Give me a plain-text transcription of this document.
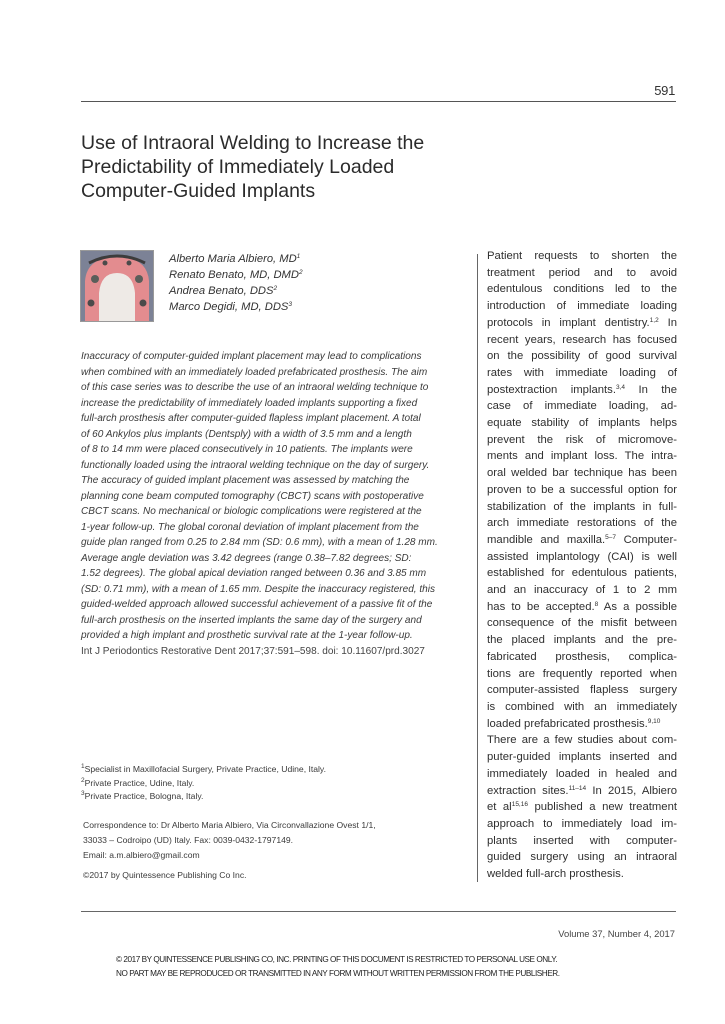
591
Use of Intraoral Welding to Increase the
Predictability of Immediately Loaded
Computer-Guided Implants
Alberto Maria Albiero, $MD^1$
Renato Benato, MD, DMD$^2$
Andrea Benato, DDS$^2$
Marco Degidi, MD, DDS$^3$
Inaccuracy of computer-guided implant placement may lead to complications
when combined with an immediately loaded prefabricated prosthesis. The aim
of this case series was to describe the use of an intraoral welding technique to
increase the predictability of immediately loaded implants supporting a fixed
full-arch prosthesis after computer-guided flapless implant placement. A total
of 60 Ankylos plus implants (Dentsply) with a width of 3.5 mm and a length
of 8 to 14 mm were placed consecutively in 10 patients. The implants were
functionally loaded using the intraoral welding technique on the day of surgery.
The accuracy of guided implant placement was assessed by matching the
planning cone beam computed tomography (CBCT) scans with postoperative
CBCT scans. No mechanical or biologic complications were registered at the
1-year follow-up. The global coronal deviation of implant placement from the
guide plan ranged from 0.25 to 2.84 mm (SD: 0.6 mm), with a mean of 1.28 mm.
Average angle deviation was 3.42 degrees (range 0.38–7.82 degrees; SD:
1.52 degrees). The global apical deviation ranged between 0.36 and 3.85 mm
(SD: 0.71 mm), with a mean of 1.65 mm. Despite the inaccuracy registered, this
guided-welded approach allowed successful achievement of a passive fit of the
full-arch prosthesis on the inserted implants the same day of the surgery and
provided a high implant and prosthetic survival rate at the 1-year follow-up.
Int J Periodontics Restorative Dent 2017;37:591–598. doi: 10.11607/prd.3027
$^1$Specialist in Maxillofacial Surgery, Private Practice, Udine, Italy.
$^2$Private Practice, Udine, Italy.
$^3$Private Practice, Bologna, Italy.
Correspondence to: Dr Alberto Maria Albiero, Via Circonvallazione Ovest 1/1,
33033 – Codroipo (UD) Italy. Fax: 0039-0432-1797149.
Email: a.m.albiero@gmail.com
©2017 by Quintessence Publishing Co Inc.
Patient requests to shorten the
treatment period and to avoid
edentulous conditions led to the
introduction of immediate loading
protocols in implant dentistry.$^{1,2}$ In
recent years, research has focused
on the possibility of good survival
rates with immediate loading of
postextraction implants.$^{3,4}$ In the
case of immediate loading, ad-
equate stability of implants helps
prevent the risk of micromove-
ments and implant loss. The intra-
oral welded bar technique has been
proven to be a successful option for
stabilization of the implants in full-
arch immediate restorations of the
mandible and maxilla.$^{5-7}$ Computer-
assisted implantology (CAI) is well
established for edentulous patients,
and an inaccuracy of 1 to 2 mm
has to be accepted.$^8$ As a possible
consequence of the misfit between
the placed implants and the pre-
fabricated prosthesis, complica-
tions are frequently reported when
computer-assisted flapless surgery
is combined with an immediately
loaded prefabricated prosthesis.$^{9,10}$
There are a few studies about com-
puter-guided implants inserted and
immediately loaded in healed and
extraction sites.$^{11-14}$ In 2015, Albiero
et al$^{15,16}$ published a new treatment
approach to immediately load im-
plants inserted with computer-
guided surgery using an intraoral
welded full-arch prosthesis.
Volume 37, Number 4, 2017
© 2017 BY QUINTESSENCE PUBLISHING CO, INC. PRINTING OF THIS DOCUMENT IS RESTRICTED TO PERSONAL USE ONLY.
NO PART MAY BE REPRODUCED OR TRANSMITTED IN ANY FORM WITHOUT WRITTEN PERMISSION FROM THE PUBLISHER.
